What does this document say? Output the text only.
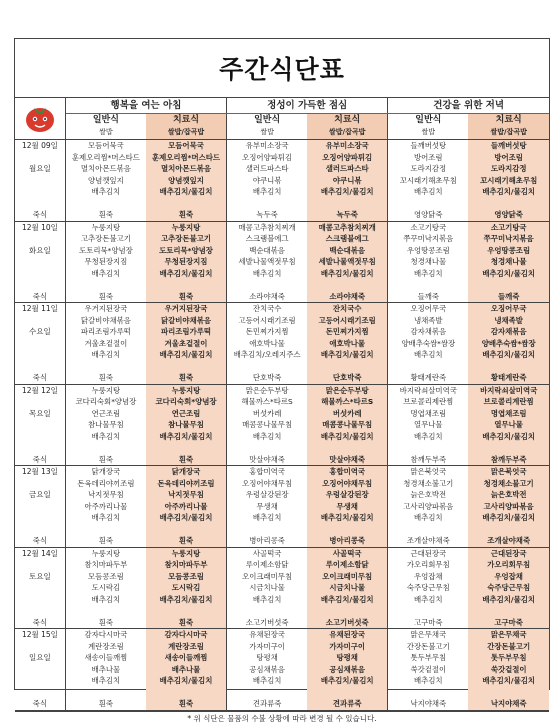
주간식단표
	행복을 여는 아침		정성이 가득한 점심		건강을 위한 저녁	
	일반식	치료식	일반식	치료식	일반식	치료식
	쌀밥	쌀밥/잡곡밥	쌀밥	쌀밥/잡곡밥	쌀밥	쌀밥/잡곡밥
12월 09일	모듬어묵국	모듬어묵국	유부미소장국	유부미소장국	들깨버섯탕	들깨버섯탕
	훈제오리찜*머스타드	훈제오리찜*머스타드	오징어양파튀김	오징어양파튀김	방어조림	방어조림
월요일	멸치아몬드볶음	멸치아몬드볶음	샐러드파스타	샐러드파스타	도라지감정	도라지감정
	양념깻잎지	양념깻잎지	야쿠니볶	야쿠니볶	꼬시래기해초무침	꼬시래기해초무침
	배추김치	배추김치/물김치	배추김치	배추김치/물김치	배추김치	배추김치/물김치

죽식	흰죽	흰죽	녹두죽	녹두죽	영양닭죽	영양닭죽
12월 10일	누룽지탕	누룽지탕	매콤고추참치찌개	매콤고추참치찌개	소고기탕국	소고기탕국
	고추장돈불고기	고추장돈불고기	스크램블에그	스크램블에그	쭈꾸미낙지볶음	쭈꾸미낙지볶음
화요일	도토리묵*양념장	도토리묵*양념장	백순대볶음	백순대볶음	우엉땅콩조림	우엉땅콩조림
	무청된장지짐	무청된장지짐	세발나물액젓무침	세발나물액젓무침	청경채나물	청경채나물
	배추김치	배추김치/물김치	배추김치	배추김치/물김치	배추김치	배추김치/물김치

죽식	흰죽	흰죽	소라야채죽	소라야채죽	들깨죽	들깨죽
12월 11일	우거지된장국	우거지된장국	잔치국수	잔치국수	오징어무국	오징어무국
	닭갈비야채볶음	닭갈비야채볶음	고등어시래기조림	고등어시래기조림	냉채족발	냉채족발
수요일	파리조림가루떡	파리조림가루떡	돈민찌가지찜	돈민찌가지찜	감자채볶음	감자채볶음
	겨울초겉절이	겨울초겉절이	애호박나물	애호박나물	양배추숙쌈*쌈장	양배추숙쌈*쌈장
	배추김치	배추김치/물김치	배추김치/오레지주스	배추김치/물김치	배추김치	배추김치/물김치

죽식	흰죽	흰죽	단호박죽	단호박죽	황태계란죽	황태계란죽
12월 12일	누룽지탕	누룽지탕	맑은순두부탕	맑은순두부탕	바지락쇠살미역국	바지락쇠살미역국
	코다리숙회*양념장	코다리숙회*양념장	해물까스*타르S	해물까스*타르S	브로콜리제란찜	브로콜리계란찜
목요일	연근조림	연근조림	버섯카레	버섯카레	명엽채조림	명엽채조림
	참나물무침	참나물무침	매콤콩나물무침	매콤콩나물무침	열무나물	열무나물
	배추김치	배추김치/물김치	배추김치	배추김치/물김치	배추김치	배추김치/물김치

죽식	흰죽	흰죽	맛살야채죽	맛살야채죽	참깨두부죽	참깨두부죽
12월 13일	닭개장국	닭개장국	홍합미역국	홍합미역국	맑은북엇국	맑은북엇국
	돈육데리야끼조림	돈육데리야끼조림	오징어야채무침	오징어야채무침	청경채소불고기	청경채소불고기
금요일	낙지젓무침	낙지젓무침	우렁살강된장	우렁살강된장	늙은호박전	늙은호박전
	아주까리나물	아주까리나물	무생채	무생채	고사리양파볶음	고사리양파볶음
	배추김치	배추김치/물김치	배추김치	배추김치/물김치	배추김치	배추김치/물김치

죽식	흰죽	흰죽	병아리콩죽	병아리콩죽	조개살야채죽	조개살야채죽
12월 14일	누룽지탕	누룽지탕	사골떡국	사골떡국	근대된장국	근대된장국
	참치마파두부	참치마파두부	루이제소함닭	루이제소함닭	가오리회무침	가오리회무침
토요일	모듬콩조림	모듬콩조림	오이크래미무침	오이크래미무침	우엉잡채	우엉잡채
	도시락김	도시락김	시금치나물	시금치나물	숙주당근무침	숙주당근무침
	배추김치	배추김치/물김치	배추김치	배추김치/물김치	배추김치	배추김치/물김치

죽식	흰죽	흰죽	소고기버섯죽	소고기버섯죽	고구마죽	고구마죽
12월 15일	감자다시마국	감자다시마국	유채된장국	유채된장국	맑은무채국	맑은무채국
	계란장조림	계란장조림	가자미구이	가자미구이	간장돈불고기	간장돈불고기
일요일	새송이들깨찜	새송이들깨찜	탕평채	탕평채	톳두부무침	톳두부무침
	배추나물	배추나물	공심채볶음	공심채볶음	쑥갓겉절이	쑥갓겉절이
	배추김치	배추김치/물김치	배추김치	배추김치/물김치	배추김치	배추김치/물김치

죽식	흰죽	흰죽	견과류죽	견과류죽	낙지야채죽	낙지야채죽
* 위 식단은 물품의 수불 상황에 따라 변경 될 수 있습니다.
